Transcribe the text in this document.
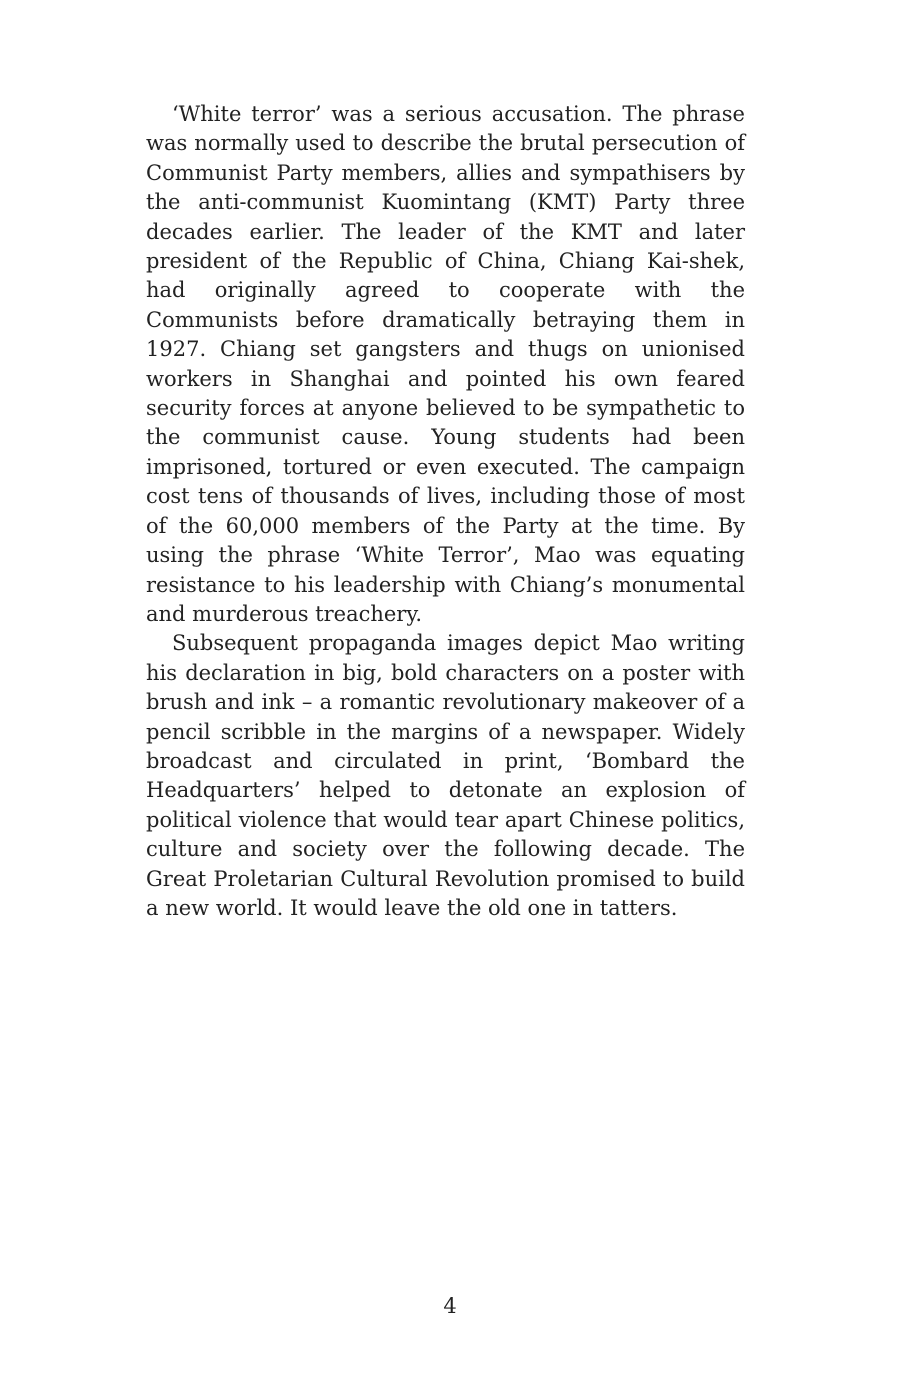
‘White terror’ was a serious accusation. The phrase was normally used to describe the brutal persecution of Communist Party members, allies and sympathisers by the anti-communist Kuomintang (KMT) Party three decades earlier. The leader of the KMT and later president of the Republic of China, Chiang Kai-shek, had originally agreed to cooperate with the Communists before dramatically betraying them in 1927. Chiang set gangsters and thugs on unionised workers in Shanghai and pointed his own feared security forces at anyone believed to be sympathetic to the communist cause. Young students had been imprisoned, tortured or even executed. The campaign cost tens of thousands of lives, including those of most of the 60,000 members of the Party at the time. By using the phrase ‘White Terror’, Mao was equating resistance to his leadership with Chiang’s monumental and murderous treachery.

Subsequent propaganda images depict Mao writing his declaration in big, bold characters on a poster with brush and ink – a romantic revolutionary makeover of a pencil scribble in the margins of a newspaper. Widely broadcast and circulated in print, ‘Bombard the Headquarters’ helped to detonate an explosion of political violence that would tear apart Chinese politics, culture and society over the following decade. The Great Proletarian Cultural Revolution promised to build a new world. It would leave the old one in tatters.

4
